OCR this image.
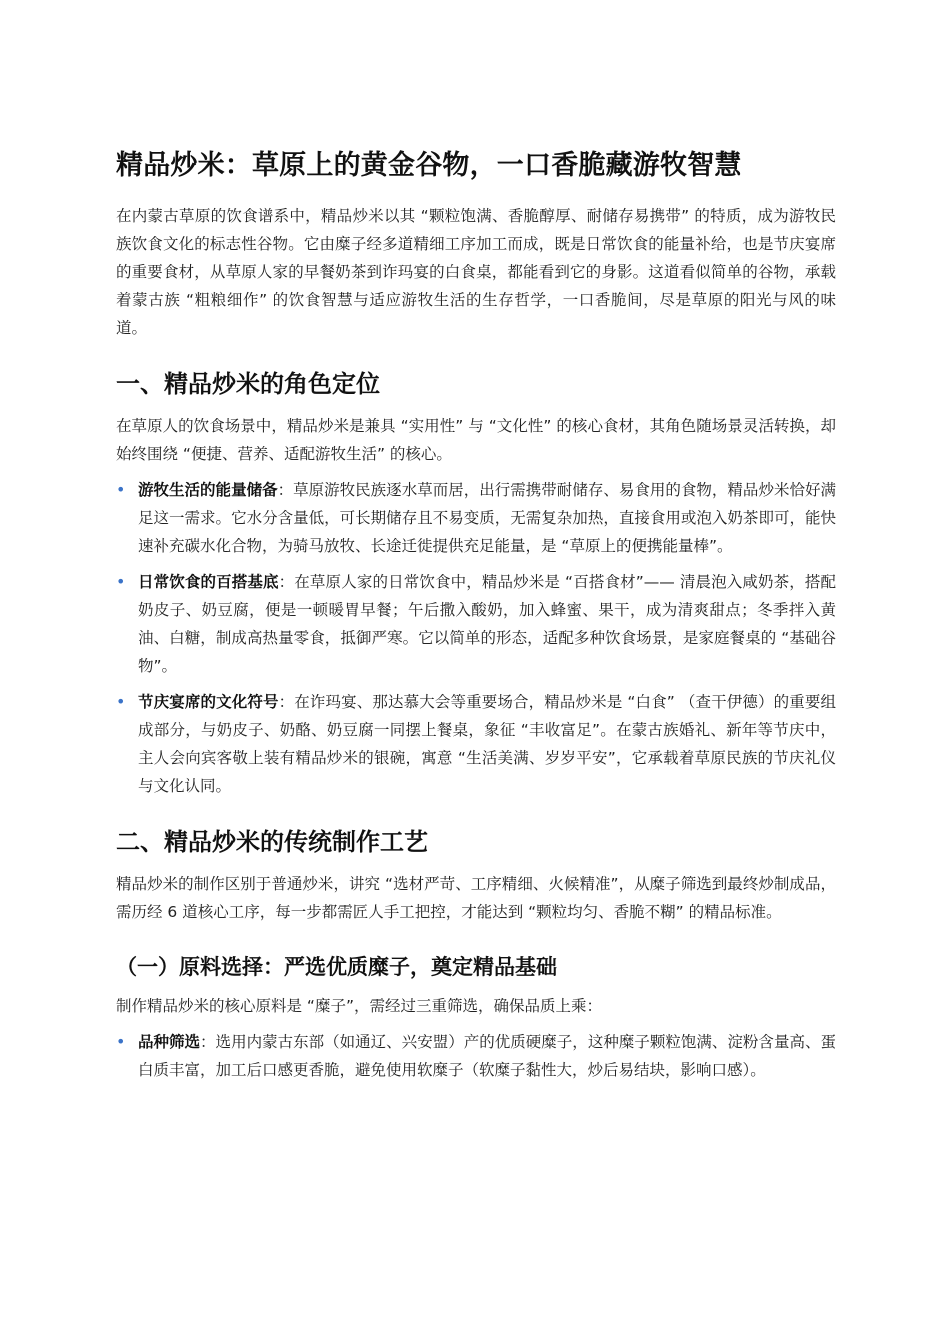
精品炒米：草原上的黄金谷物，一口香脆藏游牧智慧

在内蒙古草原的饮食谱系中，精品炒米以其 “颗粒饱满、香脆醇厚、耐储存易携带” 的特质，成为游牧民族饮食文化的标志性谷物。它由糜子经多道精细工序加工而成，既是日常饮食的能量补给，也是节庆宴席的重要食材，从草原人家的早餐奶茶到诈玛宴的白食桌，都能看到它的身影。这道看似简单的谷物，承载着蒙古族 “粗粮细作” 的饮食智慧与适应游牧生活的生存哲学，一口香脆间，尽是草原的阳光与风的味道。

一、精品炒米的角色定位

在草原人的饮食场景中，精品炒米是兼具 “实用性” 与 “文化性” 的核心食材，其角色随场景灵活转换，却始终围绕 “便捷、营养、适配游牧生活” 的核心。

• 游牧生活的能量储备：草原游牧民族逐水草而居，出行需携带耐储存、易食用的食物，精品炒米恰好满足这一需求。它水分含量低，可长期储存且不易变质，无需复杂加热，直接食用或泡入奶茶即可，能快速补充碳水化合物，为骑马放牧、长途迁徙提供充足能量，是 “草原上的便携能量棒”。
• 日常饮食的百搭基底：在草原人家的日常饮食中，精品炒米是 “百搭食材”—— 清晨泡入咸奶茶，搭配奶皮子、奶豆腐，便是一顿暖胃早餐；午后撒入酸奶，加入蜂蜜、果干，成为清爽甜点；冬季拌入黄油、白糖，制成高热量零食，抵御严寒。它以简单的形态，适配多种饮食场景，是家庭餐桌的 “基础谷物”。
• 节庆宴席的文化符号：在诈玛宴、那达慕大会等重要场合，精品炒米是 “白食” （查干伊德）的重要组成部分，与奶皮子、奶酪、奶豆腐一同摆上餐桌，象征 “丰收富足”。在蒙古族婚礼、新年等节庆中，主人会向宾客敬上装有精品炒米的银碗，寓意 “生活美满、岁岁平安”，它承载着草原民族的节庆礼仪与文化认同。
二、精品炒米的传统制作工艺

精品炒米的制作区别于普通炒米，讲究 “选材严苛、工序精细、火候精准”，从糜子筛选到最终炒制成品，需历经 6 道核心工序，每一步都需匠人手工把控，才能达到 “颗粒均匀、香脆不糊” 的精品标准。

（一）原料选择：严选优质糜子，奠定精品基础

制作精品炒米的核心原料是 “糜子”，需经过三重筛选，确保品质上乘：

• 品种筛选：选用内蒙古东部（如通辽、兴安盟）产的优质硬糜子，这种糜子颗粒饱满、淀粉含量高、蛋白质丰富，加工后口感更香脆，避免使用软糜子（软糜子黏性大，炒后易结块，影响口感）。
